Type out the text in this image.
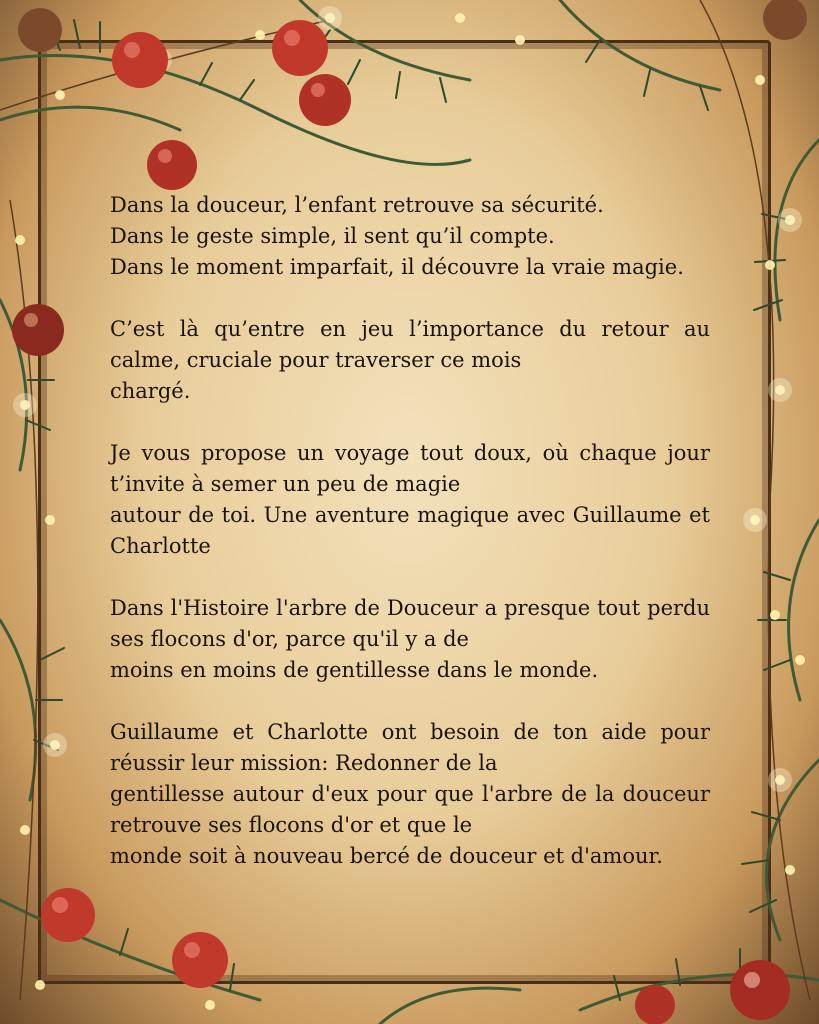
Dans la douceur, l’enfant retrouve sa sécurité.
Dans le geste simple, il sent qu’il compte.
Dans le moment imparfait, il découvre la vraie magie.

C’est là qu’entre en jeu l’importance du retour au calme, cruciale pour traverser ce mois
chargé.

Je vous propose un voyage tout doux, où chaque jour t’invite à semer un peu de magie
autour de toi. Une aventure magique avec Guillaume et Charlotte

Dans l'Histoire l'arbre de Douceur a presque tout perdu ses flocons d'or, parce qu'il y a de
moins en moins de gentillesse dans le monde.

Guillaume et Charlotte ont besoin de ton aide pour réussir leur mission: Redonner de la
gentillesse autour d'eux pour que l'arbre de la douceur retrouve ses flocons d'or et que le
monde soit à nouveau bercé de douceur et d'amour.
